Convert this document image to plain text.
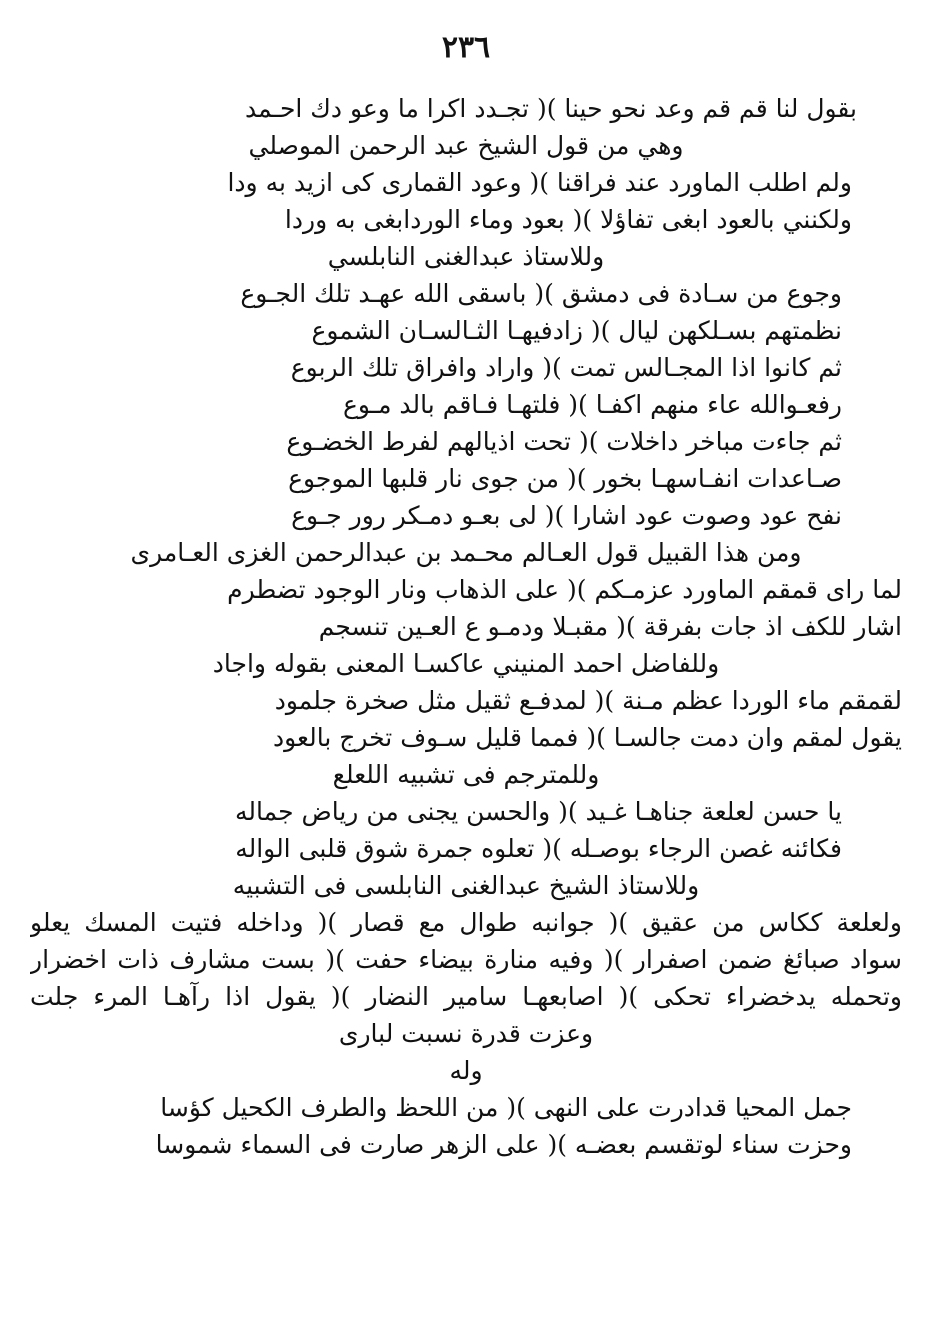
٢٣٦
بقول لنا قم قم وعد نحو حينا )( تجـدد اكرا ما وعو دك احـمد
وهي من قول الشيخ عبد الرحمن الموصلي
ولم اطلب الماورد عند فراقنا )( وعود القمارى كى ازيد به ودا
ولكنني بالعود ابغى تفاؤلا )( بعود وماء الوردابغى به وردا
وللاستاذ عبدالغنى النابلسي
وجوع من سـادة فى دمشق )( باسقى الله عهـد تلك الجـوع
نظمتهم بسـلكهن ليال )( زادفيهـا الثـالسـان الشموع
ثم كانوا اذا المجـالس تمت )( واراد وافراق تلك الربوع
رفعـوالله عاء منهم اكفـا )( فلتهـا فـاقم بالد مـوع
ثم جاءت مباخر داخلات )( تحت اذيالهم لفرط الخضـوع
صـاعدات انفـاسهـا بخور )( من جوى نار قلبها الموجوع
نفح عود وصوت عود اشارا )( لى بعـو دمـكر رور جـوع
ومن هذا القبيل قول العـالم محـمد بن عبدالرحمن الغزى العـامرى
لما راى قمقم الماورد عزمـكم )( على الذهاب ونار الوجود تضطرم
اشار للكف اذ جات بفرقة )( مقبـلا ودمـو ع العـين تنسجم
وللفاضل احمد المنيني عاكسـا المعنى بقوله واجاد
لقمقم ماء الوردا عظم مـنة )( لمدفـع ثقيل مثل صخرة جلمود
يقول لمقم وان دمت جالسـا )( فمما قليل سـوف تخرج بالعود
وللمترجم فى تشبيه اللعلع
يا حسن لعلعة جناهـا غـيد )( والحسن يجنى من رياض جماله
فكائنه غصن الرجاء بوصـله )( تعلوه جمرة شوق قلبى الواله
وللاستاذ الشيخ عبدالغنى النابلسى فى التشبيه
ولعلعة ككاس من عقيق )( جوانبه طوال مع قصار )( وداخله فتيت المسك يعلو
سواد صبائغ ضمن اصفرار )( وفيه منارة بيضاء حفت )( بست مشارف ذات اخضرار
وتحمله يدخضراء تحكى )( اصابعهـا سامير النضار )( يقول اذا رآهـا المرء جلت
وعزت قدرة نسبت لبارى
وله
جمل المحيا قدادرت على النهى )( من اللحظ والطرف الكحيل كؤسا
وحزت سناء لوتقسم بعضـه )( على الزهر صارت فى السماء شموسا
